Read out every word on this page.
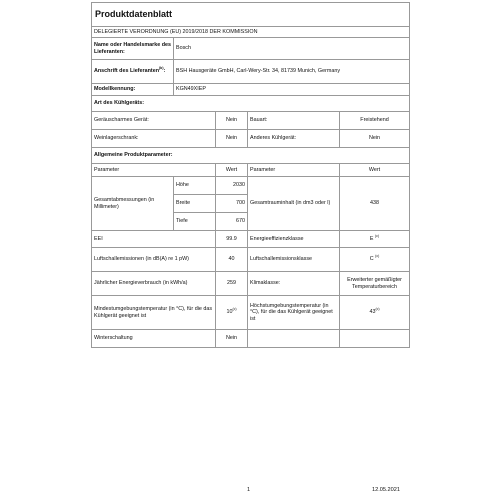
Produktdatenblatt				
DELEGIERTE VERORDNUNG (EU) 2019/2018 DER KOMMISSION				
Name oder Handelsmarke des Lieferanten:	Bosch			
Anschrift des Lieferanten$^{(b)}$:	BSH Hausgeräte GmbH, Carl-Wery-Str. 34, 81739 Munich, Germany			
Modellkennung:	KGN49XIEP			
Art des Kühlgeräts:				
Geräuscharmes Gerät:		Nein	Bauart:	Freistehend
Weinlagerschrank:		Nein	Anderes Kühlgerät:	Nein
Allgemeine Produktparameter:				
Parameter		Wert	Parameter	Wert
Gesamtabmessungen (in Millimeter)	Höhe	2030	Gesamtrauminhalt (in dm3 oder l)	438
	Breite	700		
	Tiefe	670		
EEI		99.9	Energieeffizienzklasse	E $^{(c)}$
Luftschallemissionen (in dB(A) re 1 pW)		40	Luftschallemissionsklasse	C $^{(c)}$
Jährlicher Energieverbrauch (in kWh/a)		259	Klimaklasse:	Erweiterter gemäßigter Temperaturbereich
Mindestumgebungstemperatur (in °C), für die das Kühlgerät geeignet ist		10$^{(c)}$	Höchstumgebungstemperatur (in °C), für die das Kühlgerät geeignet ist	43$^{(c)}$
Winterschaltung		Nein		
1	12.05.2021
